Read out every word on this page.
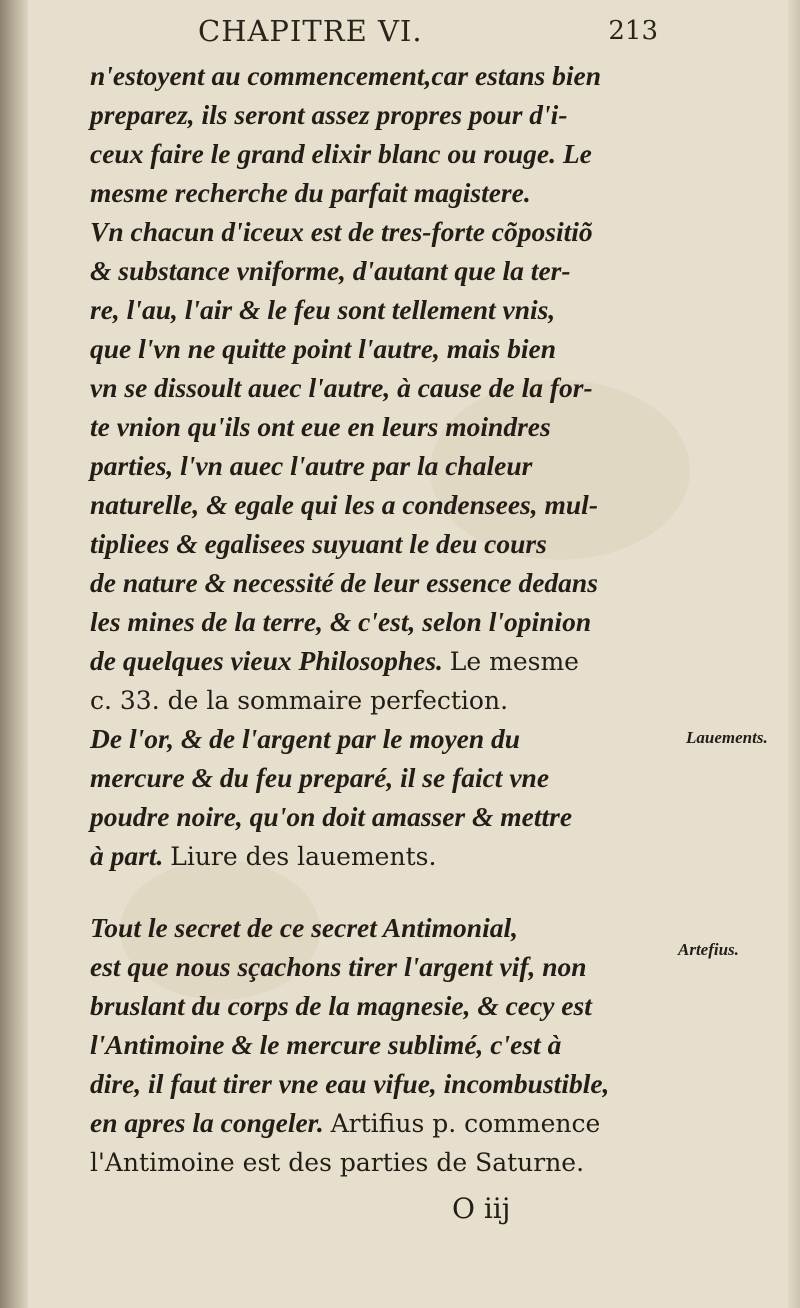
CHAPITRE VI.	213
n'estoyent au commencement,car estans bien
preparez, ils seront assez propres pour d'i-
ceux faire le grand elixir blanc ou rouge. Le
mesme recherche du parfait magistere.
Vn chacun d'iceux est de tres-forte cõpositiõ
& substance vniforme, d'autant que la ter-
re, l'au, l'air & le feu sont tellement vnis,
que l'vn ne quitte point l'autre, mais bien
vn se dissoult auec l'autre, à cause de la for-
te vnion qu'ils ont eue en leurs moindres
parties, l'vn auec l'autre par la chaleur
naturelle, & egale qui les a condensees, mul-
tipliees & egalisees suyuant le deu cours
de nature & necessité de leur essence dedans
les mines de la terre, & c'est, selon l'opinion
de quelques vieux Philosophes. Le mesme
c. 33. de la sommaire perfection.
Lauements.
De l'or, & de l'argent par le moyen du
mercure & du feu preparé, il se faict vne
poudre noire, qu'on doit amasser & mettre
à part. Liure des lauements.
Artefius.
Tout le secret de ce secret Antimonial,
est que nous sçachons tirer l'argent vif, non
bruslant du corps de la magnesie, & cecy est
l'Antimoine & le mercure sublimé, c'est à
dire, il faut tirer vne eau vifue, incombustible,
en apres la congeler. Artifius p. commence
l'Antimoine est des parties de Saturne.
O iij
